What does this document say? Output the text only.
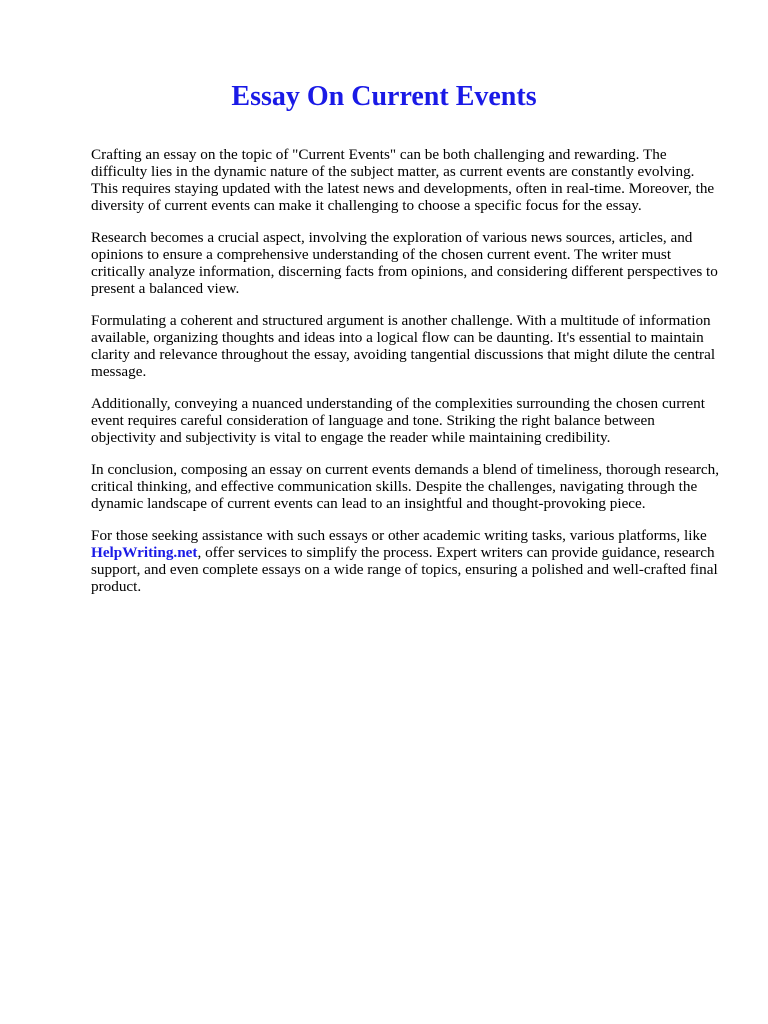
Essay On Current Events

Crafting an essay on the topic of "Current Events" can be both challenging and rewarding. The difficulty lies in the dynamic nature of the subject matter, as current events are constantly evolving. This requires staying updated with the latest news and developments, often in real-time. Moreover, the diversity of current events can make it challenging to choose a specific focus for the essay.

Research becomes a crucial aspect, involving the exploration of various news sources, articles, and opinions to ensure a comprehensive understanding of the chosen current event. The writer must critically analyze information, discerning facts from opinions, and considering different perspectives to present a balanced view.

Formulating a coherent and structured argument is another challenge. With a multitude of information available, organizing thoughts and ideas into a logical flow can be daunting. It's essential to maintain clarity and relevance throughout the essay, avoiding tangential discussions that might dilute the central message.

Additionally, conveying a nuanced understanding of the complexities surrounding the chosen current event requires careful consideration of language and tone. Striking the right balance between objectivity and subjectivity is vital to engage the reader while maintaining credibility.

In conclusion, composing an essay on current events demands a blend of timeliness, thorough research, critical thinking, and effective communication skills. Despite the challenges, navigating through the dynamic landscape of current events can lead to an insightful and thought-provoking piece.

For those seeking assistance with such essays or other academic writing tasks, various platforms, like HelpWriting.net, offer services to simplify the process. Expert writers can provide guidance, research support, and even complete essays on a wide range of topics, ensuring a polished and well-crafted final product.
